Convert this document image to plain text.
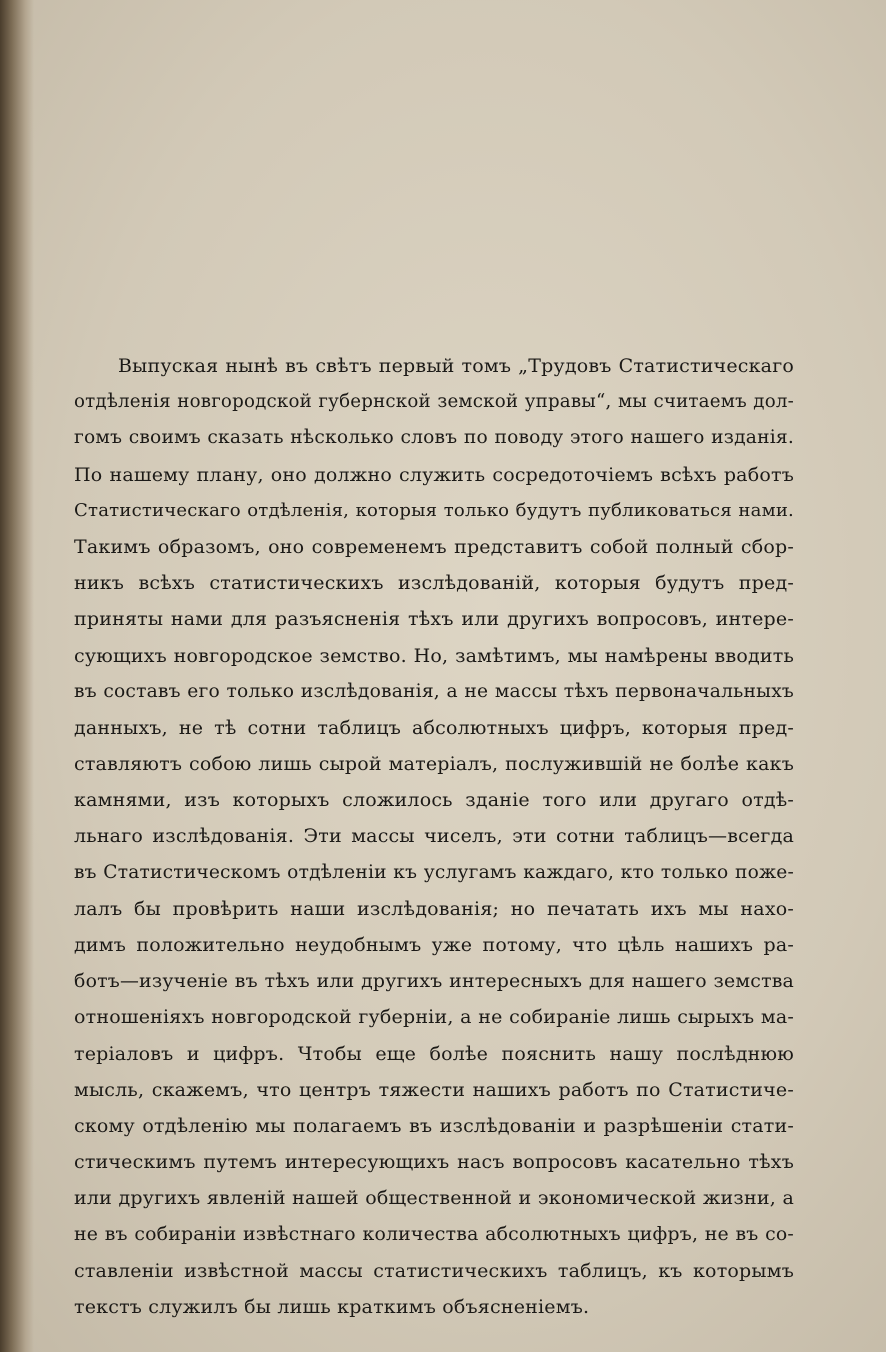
Выпуская нынѣ въ свѣтъ первый томъ „Трудовъ Статистическаго
отдѣленія новгородской губернской земской управы“, мы считаемъ дол-
гомъ своимъ сказать нѣсколько словъ по поводу этого нашего изданія.
По нашему плану, оно должно служить сосредоточіемъ всѣхъ работъ
Статистическаго отдѣленія, которыя только будутъ публиковаться нами.
Такимъ образомъ, оно современемъ представитъ собой полный сбор-
никъ всѣхъ статистическихъ изслѣдованій, которыя будутъ пред-
приняты нами для разъясненія тѣхъ или другихъ вопросовъ, интере-
сующихъ новгородское земство. Но, замѣтимъ, мы намѣрены вводить
въ составъ его только изслѣдованія, а не массы тѣхъ первоначальныхъ
данныхъ, не тѣ сотни таблицъ абсолютныхъ цифръ, которыя пред-
ставляютъ собою лишь сырой матеріалъ, послужившій не болѣе какъ
камнями, изъ которыхъ сложилось зданіе того или другаго отдѣ-
льнаго изслѣдованія. Эти массы чиселъ, эти сотни таблицъ—всегда
въ Статистическомъ отдѣленіи къ услугамъ каждаго, кто только поже-
лалъ бы провѣрить наши изслѣдованія; но печатать ихъ мы нахо-
димъ положительно неудобнымъ уже потому, что цѣль нашихъ ра-
ботъ—изученіе въ тѣхъ или другихъ интересныхъ для нашего земства
отношеніяхъ новгородской губерніи, а не собираніе лишь сырыхъ ма-
теріаловъ и цифръ. Чтобы еще болѣе пояснить нашу послѣднюю
мысль, скажемъ, что центръ тяжести нашихъ работъ по Статистиче-
скому отдѣленію мы полагаемъ въ изслѣдованіи и разрѣшеніи стати-
стическимъ путемъ интересующихъ насъ вопросовъ касательно тѣхъ
или другихъ явленій нашей общественной и экономической жизни, а
не въ собираніи извѣстнаго количества абсолютныхъ цифръ, не въ со-
ставленіи извѣстной массы статистическихъ таблицъ, къ которымъ
текстъ служилъ бы лишь краткимъ объясненіемъ.
